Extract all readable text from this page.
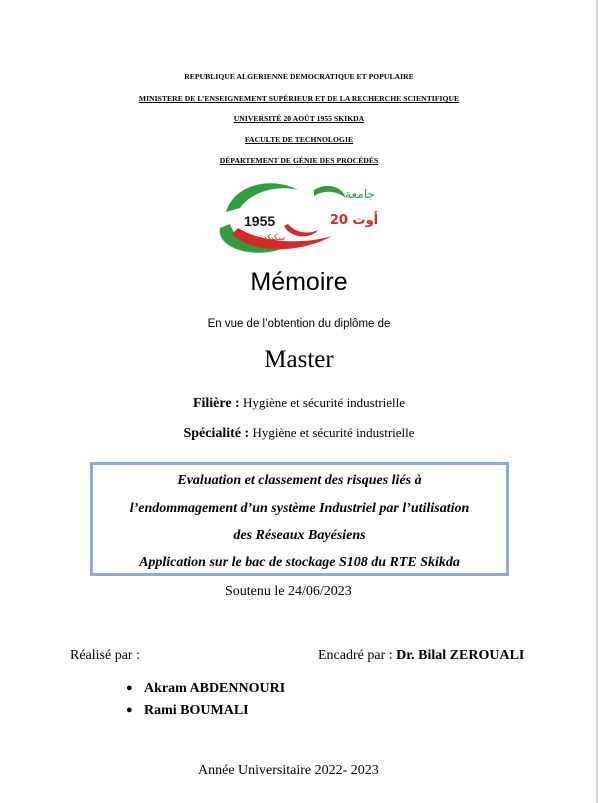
REPUBLIQUE ALGERIENNE DEMOCRATIQUE ET POPULAIRE
MINISTERE DE L’ENSEIGNEMENT SUPÉRIEUR ET DE LA RECHERCHE SCIENTIFIQUE
UNIVERSITÉ 20 AOÛT 1955 SKIKDA
FACULTE DE TECHNOLOGIE
DÉPARTEMENT DE GÉNIE DES PROCÉDÉS
1955
جامعة
20 أوت
سكيكدة
Mémoire
En vue de l’obtention du diplôme de
Master
Filière : Hygiène et sécurité industrielle
Spécialité : Hygiène et sécurité industrielle
Evaluation et classement des risques liés à
l’endommagement d’un système Industriel par l’utilisation
des Réseaux Bayésiens
Application sur le bac de stockage S108 du RTE Skikda
Soutenu le 24/06/2023
Réalisé par :	Encadré par : Dr. Bilal ZEROUALI
● Akram ABDENNOURI
● Rami BOUMALI
Année Universitaire 2022- 2023
